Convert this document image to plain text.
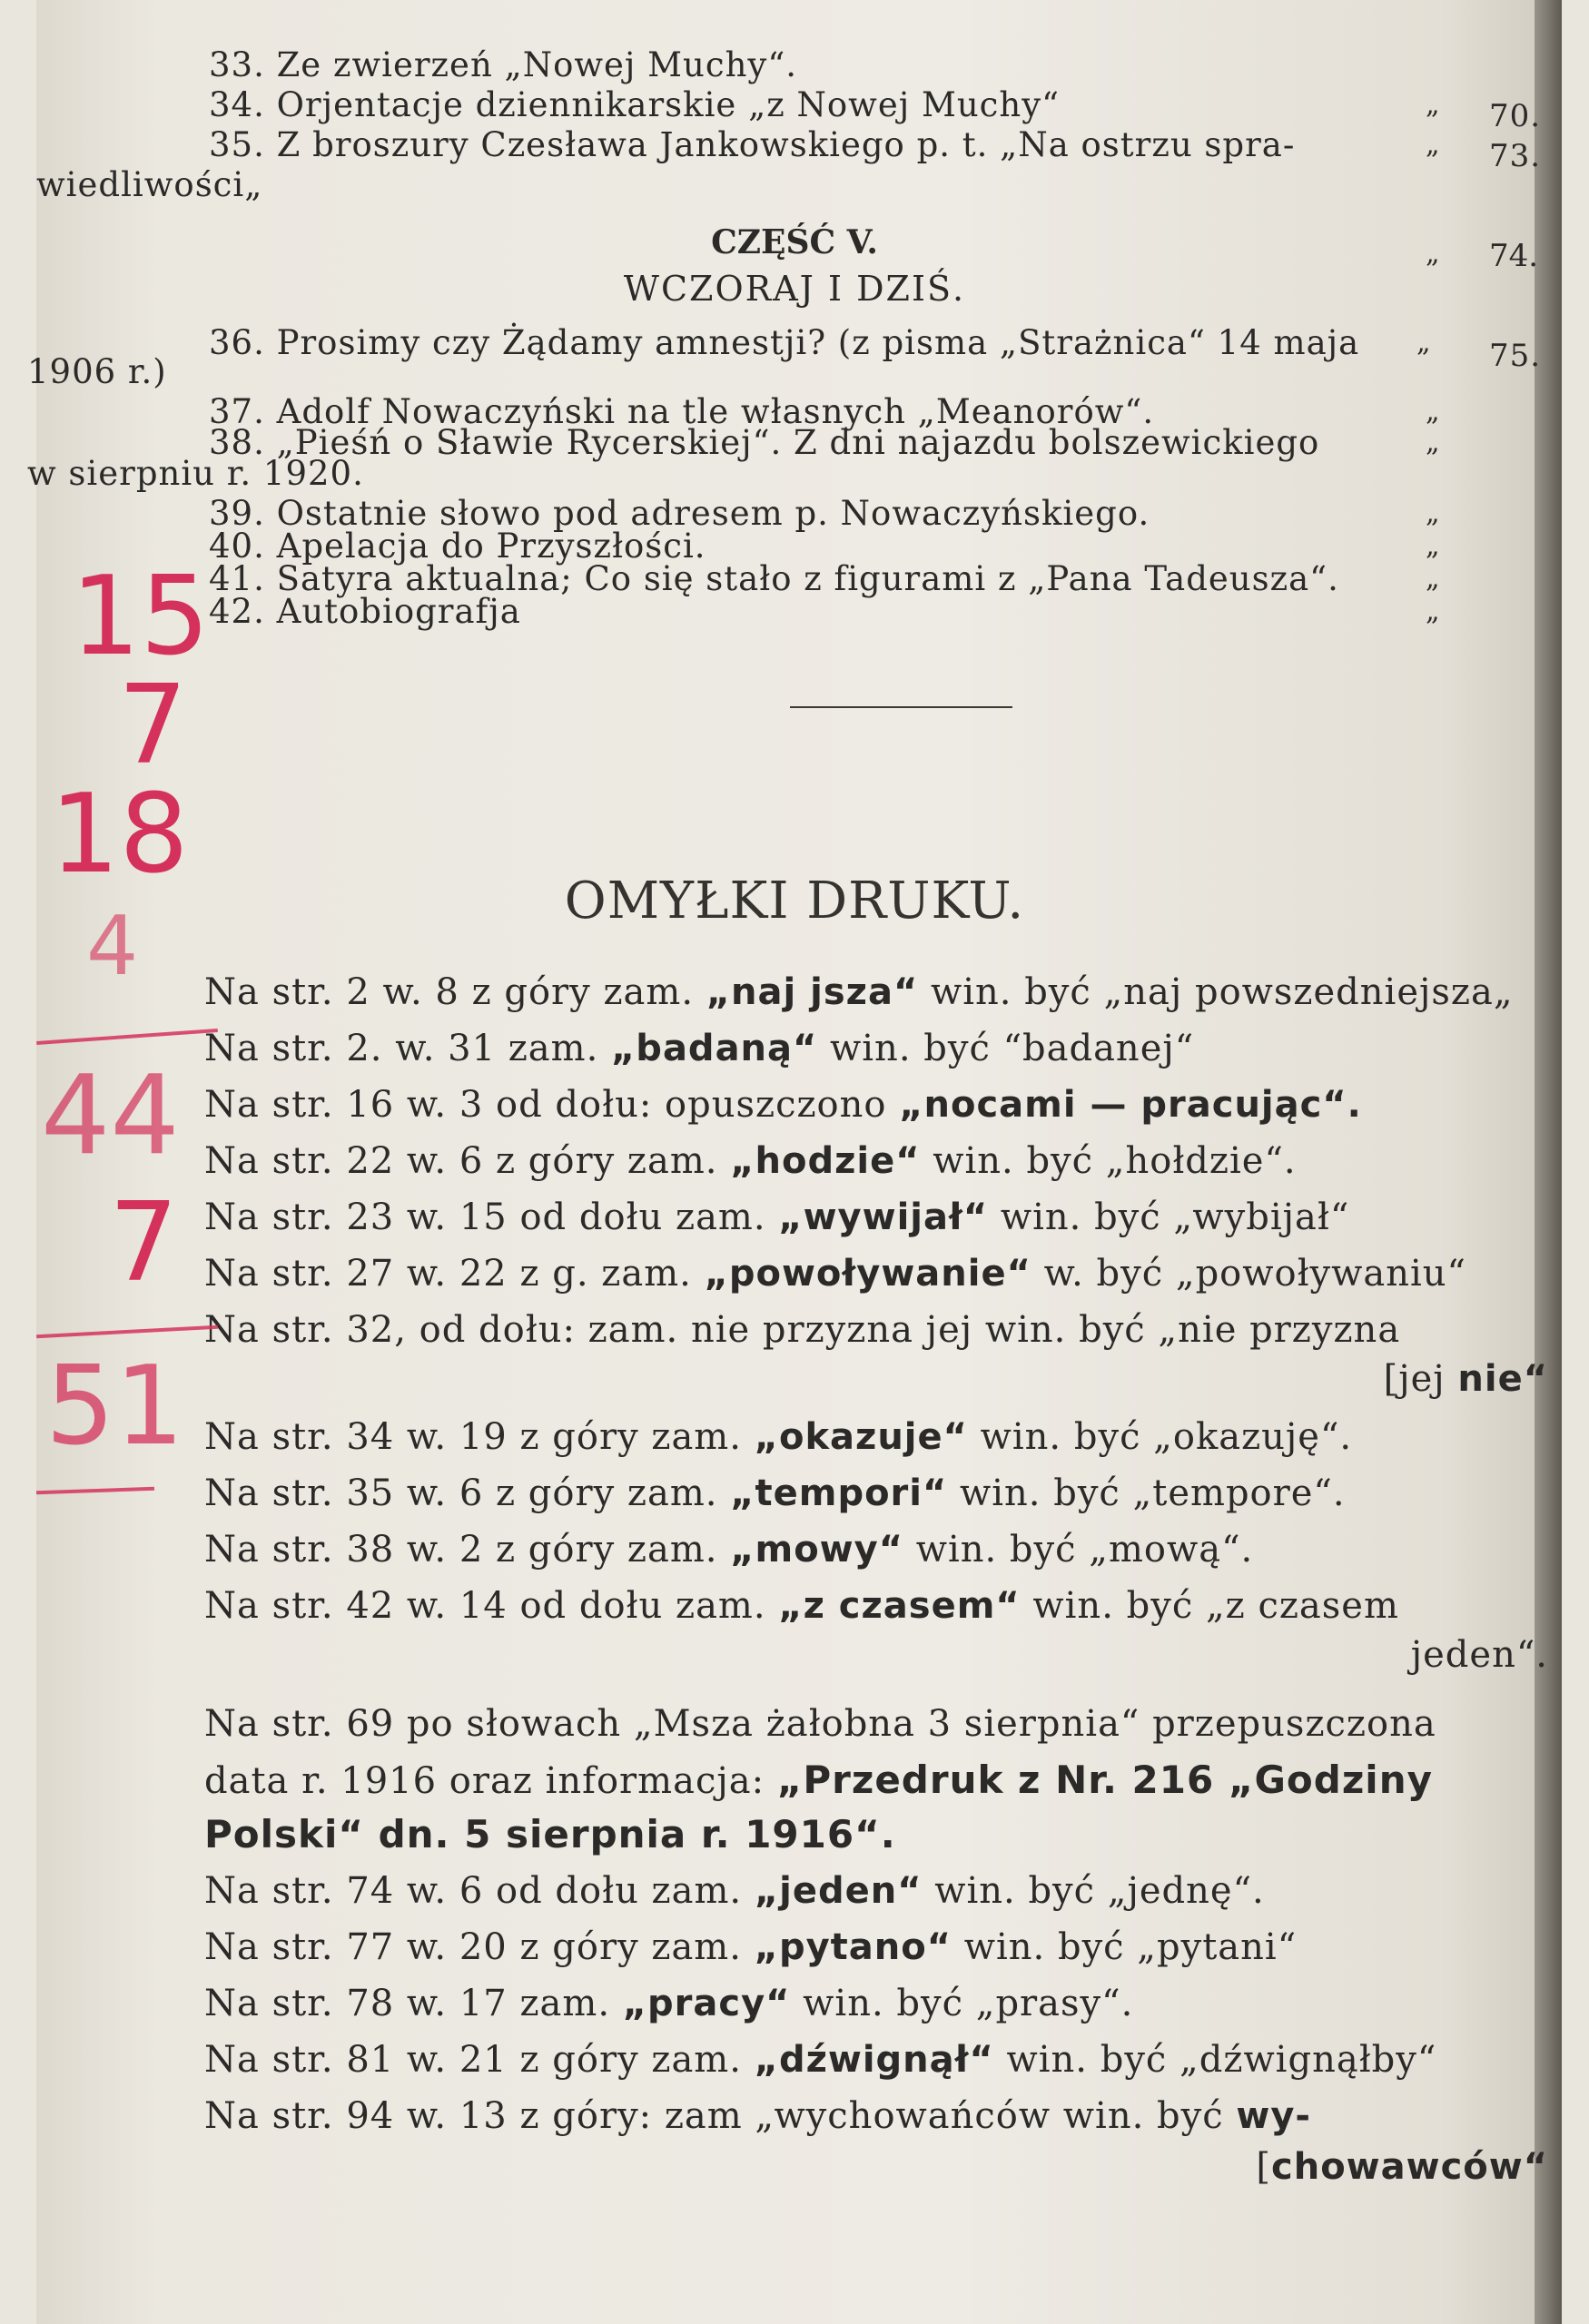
33. Ze zwierzeń „Nowej Muchy“.
34. Orjentacje dziennikarskie „z Nowej Muchy“	„ 70.
35. Z broszury Czesława Jankowskiego p. t. „Na ostrzu spra-	„ 73.
wiedliwości„
CZĘŚĆ V.	„ 74.
WCZORAJ I DZIŚ.
36. Prosimy czy Żądamy amnestji? (z pisma „Strażnica“ 14 maja „ 75.
1906 r.)
37. Adolf Nowaczyński na tle własnych „Meanorów“.	„
38. „Pieśń o Sławie Rycerskiej“. Z dni najazdu bolszewickiego	„
w sierpniu r. 1920.
39. Ostatnie słowo pod adresem p. Nowaczyńskiego.	„
40. Apelacja do Przyszłości.	„
41. Satyra aktualna; Co się stało z figurami z „Pana Tadeusza“.	„
42. Autobiografja	„
OMYŁKI DRUKU.
Na str. 2 w. 8 z góry zam. „naj jsza“ win. być „naj powszedniejsza„
Na str. 2. w. 31 zam. „badaną“ win. być “badanej“
Na str. 16 w. 3 od dołu: opuszczono „nocami — pracując“.
Na str. 22 w. 6 z góry zam. „hodzie“ win. być „hołdzie“.
Na str. 23 w. 15 od dołu zam. „wywijał“ win. być „wybijał“
Na str. 27 w. 22 z g. zam. „powoływanie“ w. być „powoływaniu“
Na str. 32, od dołu: zam. nie przyzna jej win. być „nie przyzna
[jej nie“
Na str. 34 w. 19 z góry zam. „okazuje“ win. być „okazuję“.
Na str. 35 w. 6 z góry zam. „tempori“ win. być „tempore“.
Na str. 38 w. 2 z góry zam. „mowy“ win. być „mową“.
Na str. 42 w. 14 od dołu zam. „z czasem“ win. być „z czasem
jeden“.
Na str. 69 po słowach „Msza żałobna 3 sierpnia“ przepuszczona
data r. 1916 oraz informacja: „Przedruk z Nr. 216 „Godziny
Polski“ dn. 5 sierpnia r. 1916“.
Na str. 74 w. 6 od dołu zam. „jeden“ win. być „jednę“.
Na str. 77 w. 20 z góry zam. „pytano“ win. być „pytani“
Na str. 78 w. 17 zam. „pracy“ win. być „prasy“.
Na str. 81 w. 21 z góry zam. „dźwignął“ win. być „dźwignąłby“
Na str. 94 w. 13 z góry: zam „wychowańców win. być wy-
[chowawców“
15
7
18
4
44
7
51
